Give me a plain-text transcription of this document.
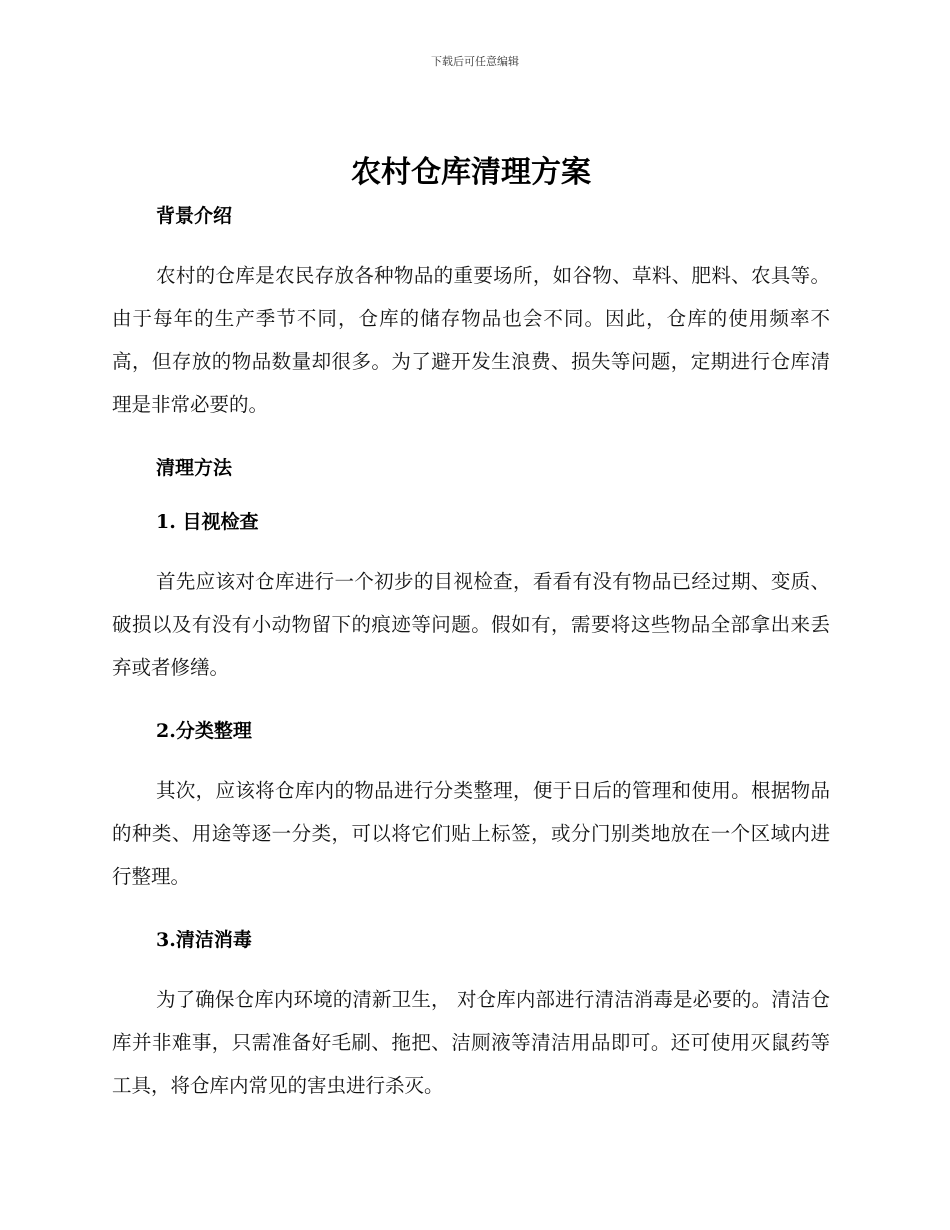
下载后可任意编辑
农村仓库清理方案
背景介绍

农村的仓库是农民存放各种物品的重要场所，如谷物、草料、肥料、农具等。由于每年的生产季节不同，仓库的储存物品也会不同。因此，仓库的使用频率不高，但存放的物品数量却很多。为了避开发生浪费、损失等问题，定期进行仓库清理是非常必要的。

清理方法
1. 目视检查

首先应该对仓库进行一个初步的目视检查，看看有没有物品已经过期、变质、破损以及有没有小动物留下的痕迹等问题。假如有，需要将这些物品全部拿出来丢弃或者修缮。

2.分类整理

其次，应该将仓库内的物品进行分类整理，便于日后的管理和使用。根据物品的种类、用途等逐一分类，可以将它们贴上标签，或分门别类地放在一个区域内进行整理。

3.清洁消毒

为了确保仓库内环境的清新卫生， 对仓库内部进行清洁消毒是必要的。清洁仓库并非难事，只需准备好毛刷、拖把、洁厕液等清洁用品即可。还可使用灭鼠药等工具，将仓库内常见的害虫进行杀灭。
